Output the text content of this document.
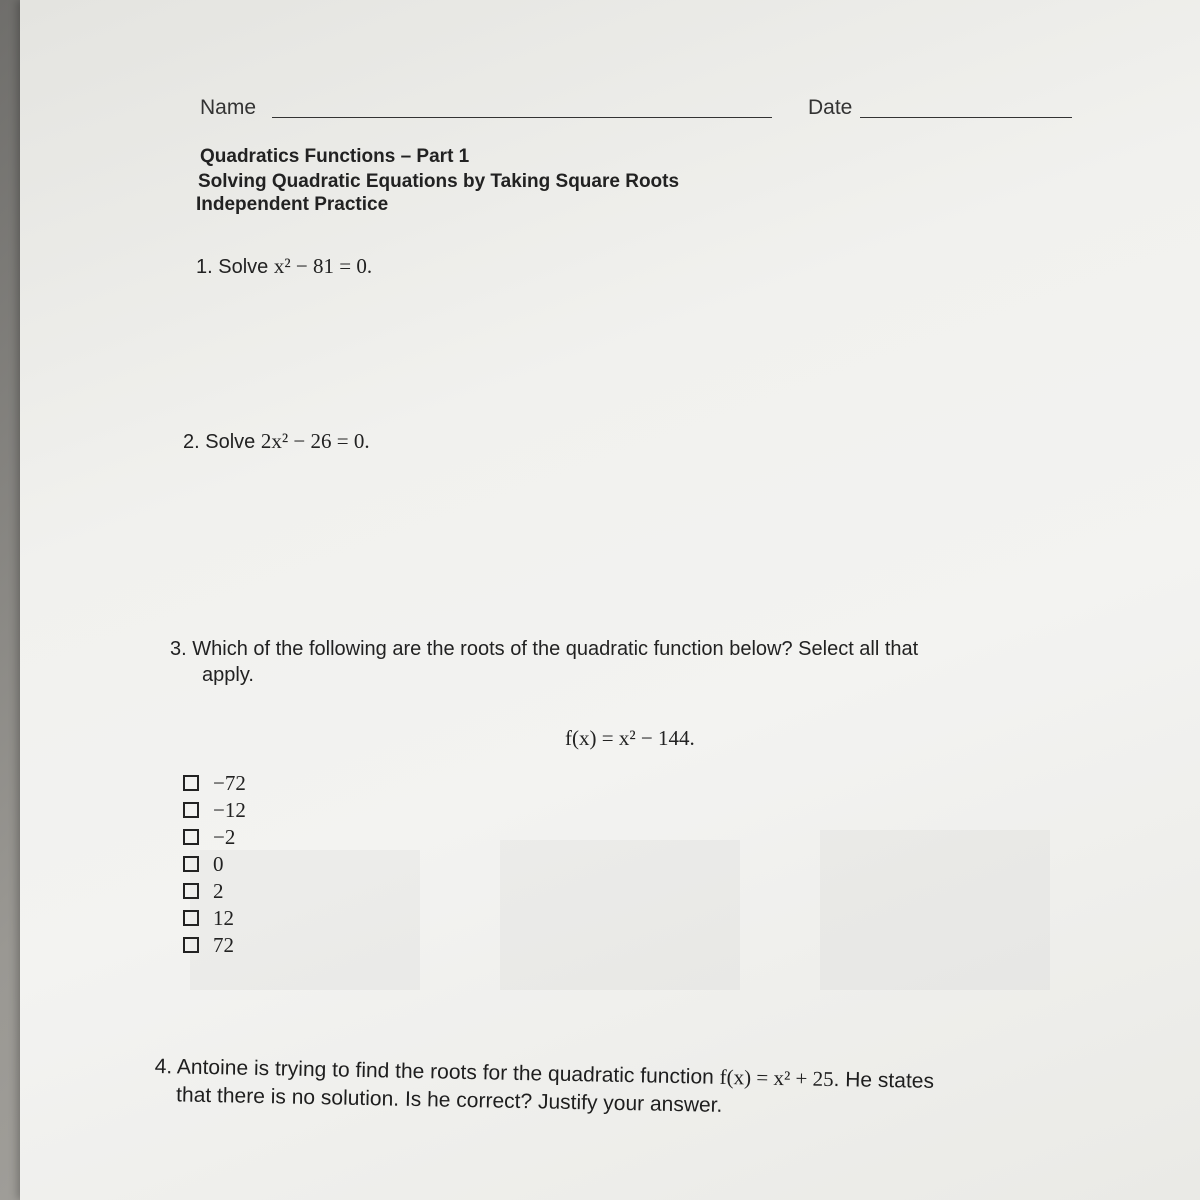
Name	Date
Quadratics Functions – Part 1
Solving Quadratic Equations by Taking Square Roots
Independent Practice
1. Solve x² − 81 = 0.
2. Solve 2x² − 26 = 0.
3. Which of the following are the roots of the quadratic function below? Select all that
apply.
f(x) = x² − 144.
−72
−12
−2
0
2
12
72
4. Antoine is trying to find the roots for the quadratic function f(x) = x² + 25. He states
that there is no solution. Is he correct? Justify your answer.
